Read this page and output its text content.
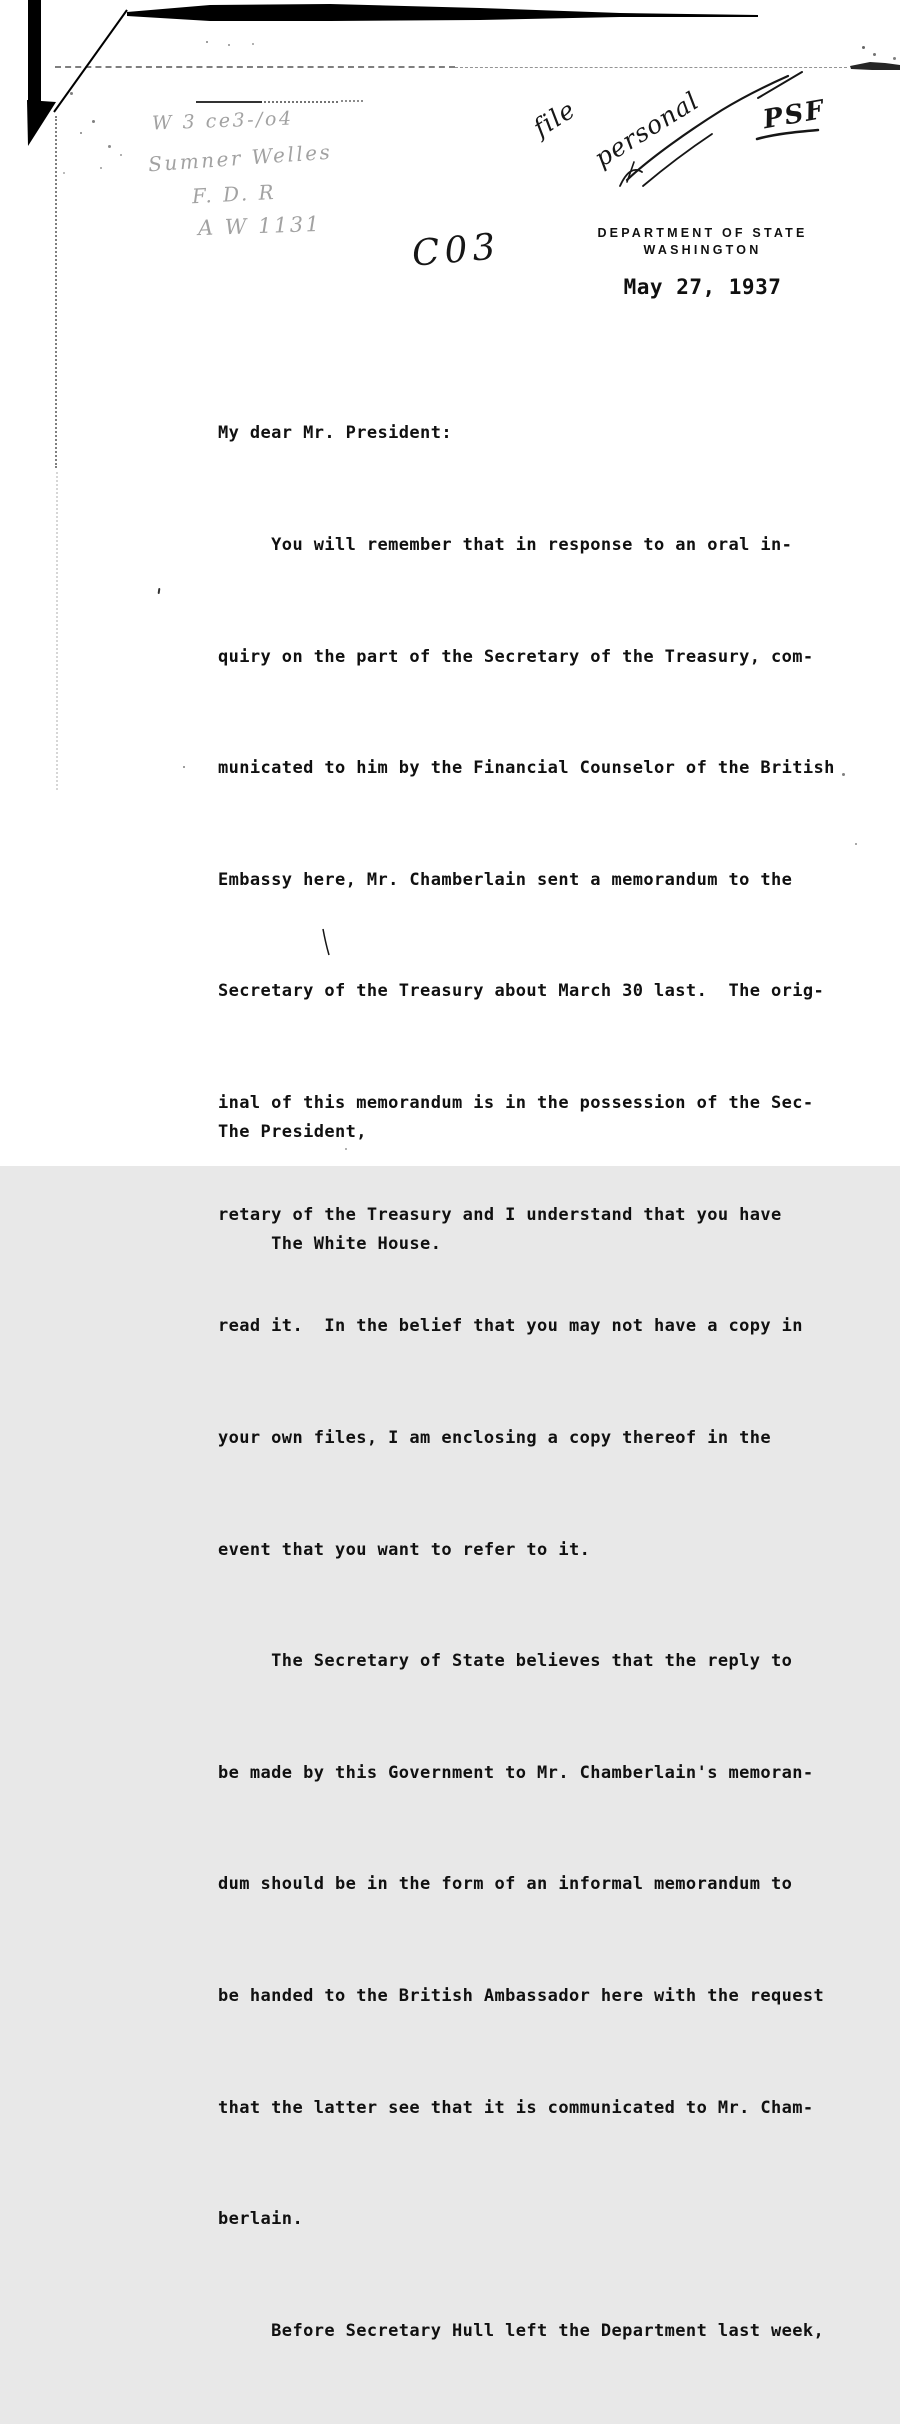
W 3 ce3-/o4
Sumner Welles
F. D. R
A W 1131
file personal PSF
C03	DEPARTMENT OF STATE
WASHINGTON
May 27, 1937

My dear Mr. President:

You will remember that in response to an oral in-

quiry on the part of the Secretary of the Treasury, com-

municated to him by the Financial Counselor of the British

Embassy here, Mr. Chamberlain sent a memorandum to the

Secretary of the Treasury about March 30 last.  The orig-

inal of this memorandum is in the possession of the Sec-

retary of the Treasury and I understand that you have

read it.  In the belief that you may not have a copy in

your own files, I am enclosing a copy thereof in the

event that you want to refer to it.

The Secretary of State believes that the reply to

be made by this Government to Mr. Chamberlain's memoran-

dum should be in the form of an informal memorandum to

be handed to the British Ambassador here with the request

that the latter see that it is communicated to Mr. Cham-

berlain.

Before Secretary Hull left the Department last week,

The President,

The White House.
